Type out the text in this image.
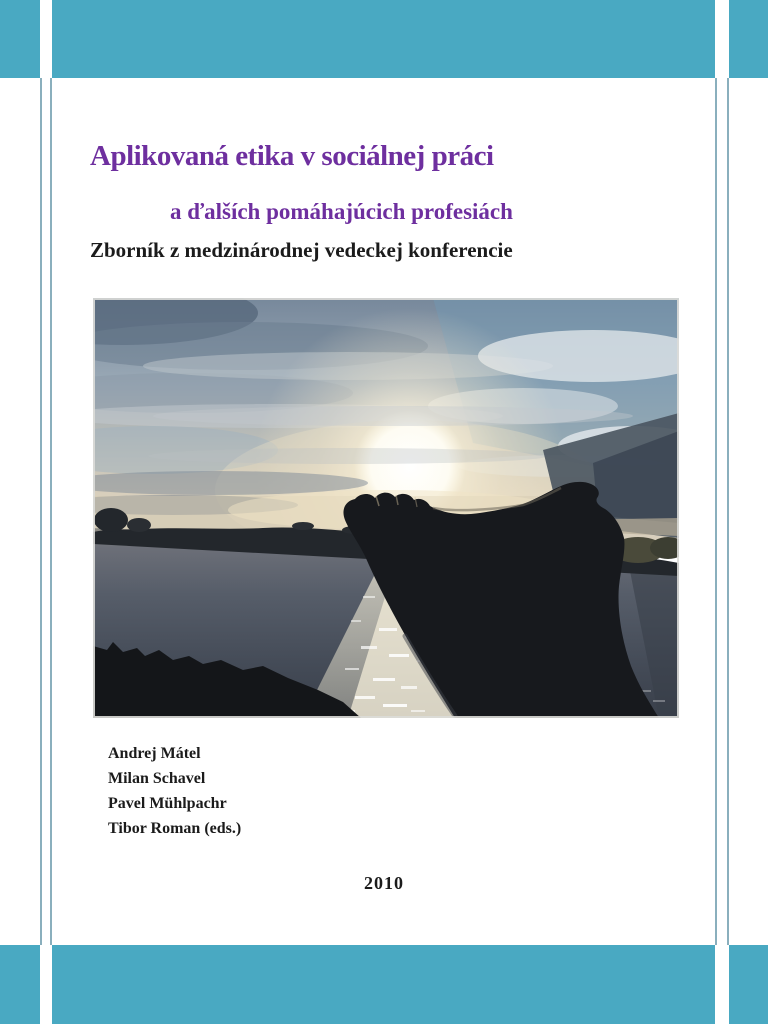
Aplikovaná etika v sociálnej práci
a ďalších pomáhajúcich profesiách
Zborník z medzinárodnej vedeckej konferencie
Andrej Mátel
Milan Schavel
Pavel Mühlpachr
Tibor Roman (eds.)
2010
